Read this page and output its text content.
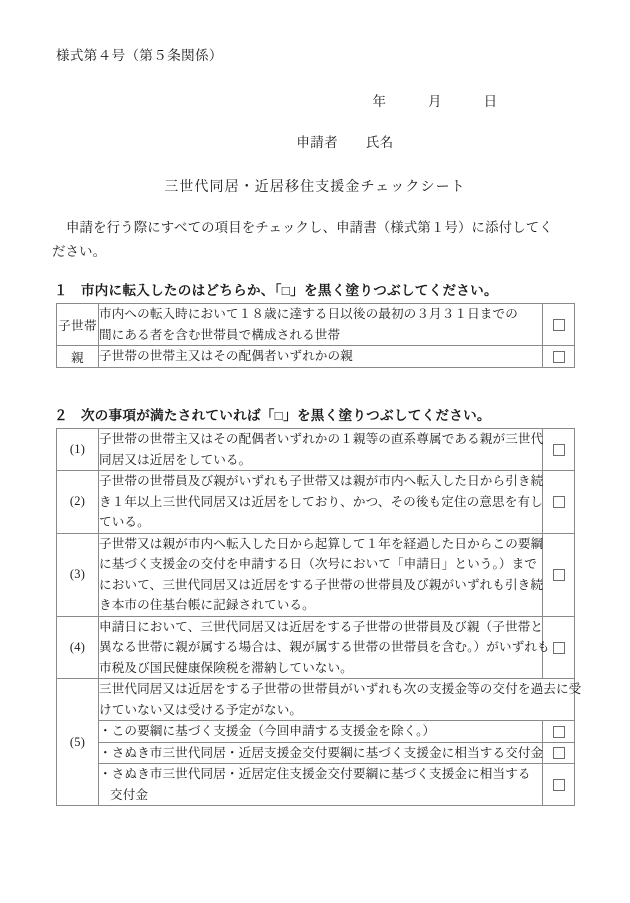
様式第４号（第５条関係）
年　　　月　　　日
申請者　　氏名
三世代同居・近居移住支援金チェックシート
申請を行う際にすべての項目をチェックし、申請書（様式第１号）に添付してく
ださい。
１ 市内に転入したのはどちらか、「□」を黒く塗りつぶしてください。
子世帯	市内への転入時において１８歳に達する日以後の最初の３月３１日までの
間にある者を含む世帯員で構成される世帯	

親	子世帯の世帯主又はその配偶者いずれかの親	

２ 次の事項が満たされていれば「□」を黒く塗りつぶしてください。
(1)	子世帯の世帯主又はその配偶者いずれかの１親等の直系尊属である親が三世代
同居又は近居をしている。	

(2)	子世帯の世帯員及び親がいずれも子世帯又は親が市内へ転入した日から引き続
き１年以上三世代同居又は近居をしており、かつ、その後も定住の意思を有し
ている。	

(3)	子世帯又は親が市内へ転入した日から起算して１年を経過した日からこの要綱
に基づく支援金の交付を申請する日（次号において「申請日」という。）まで
において、三世代同居又は近居をする子世帯の世帯員及び親がいずれも引き続
き本市の住基台帳に記録されている。	

(4)	申請日において、三世代同居又は近居をする子世帯の世帯員及び親（子世帯と
異なる世帯に親が属する場合は、親が属する世帯の世帯員を含む。）がいずれも
市税及び国民健康保険税を滞納していない。	

(5)	三世代同居又は近居をする子世帯の世帯員がいずれも次の支援金等の交付を過去に受
けていない又は受ける予定がない。	

	・この要綱に基づく支援金（今回申請する支援金を除く。）	

	・さぬき市三世代同居・近居支援金交付要綱に基づく支援金に相当する交付金	

	・さぬき市三世代同居・近居定住支援金交付要綱に基づく支援金に相当する
交付金	
